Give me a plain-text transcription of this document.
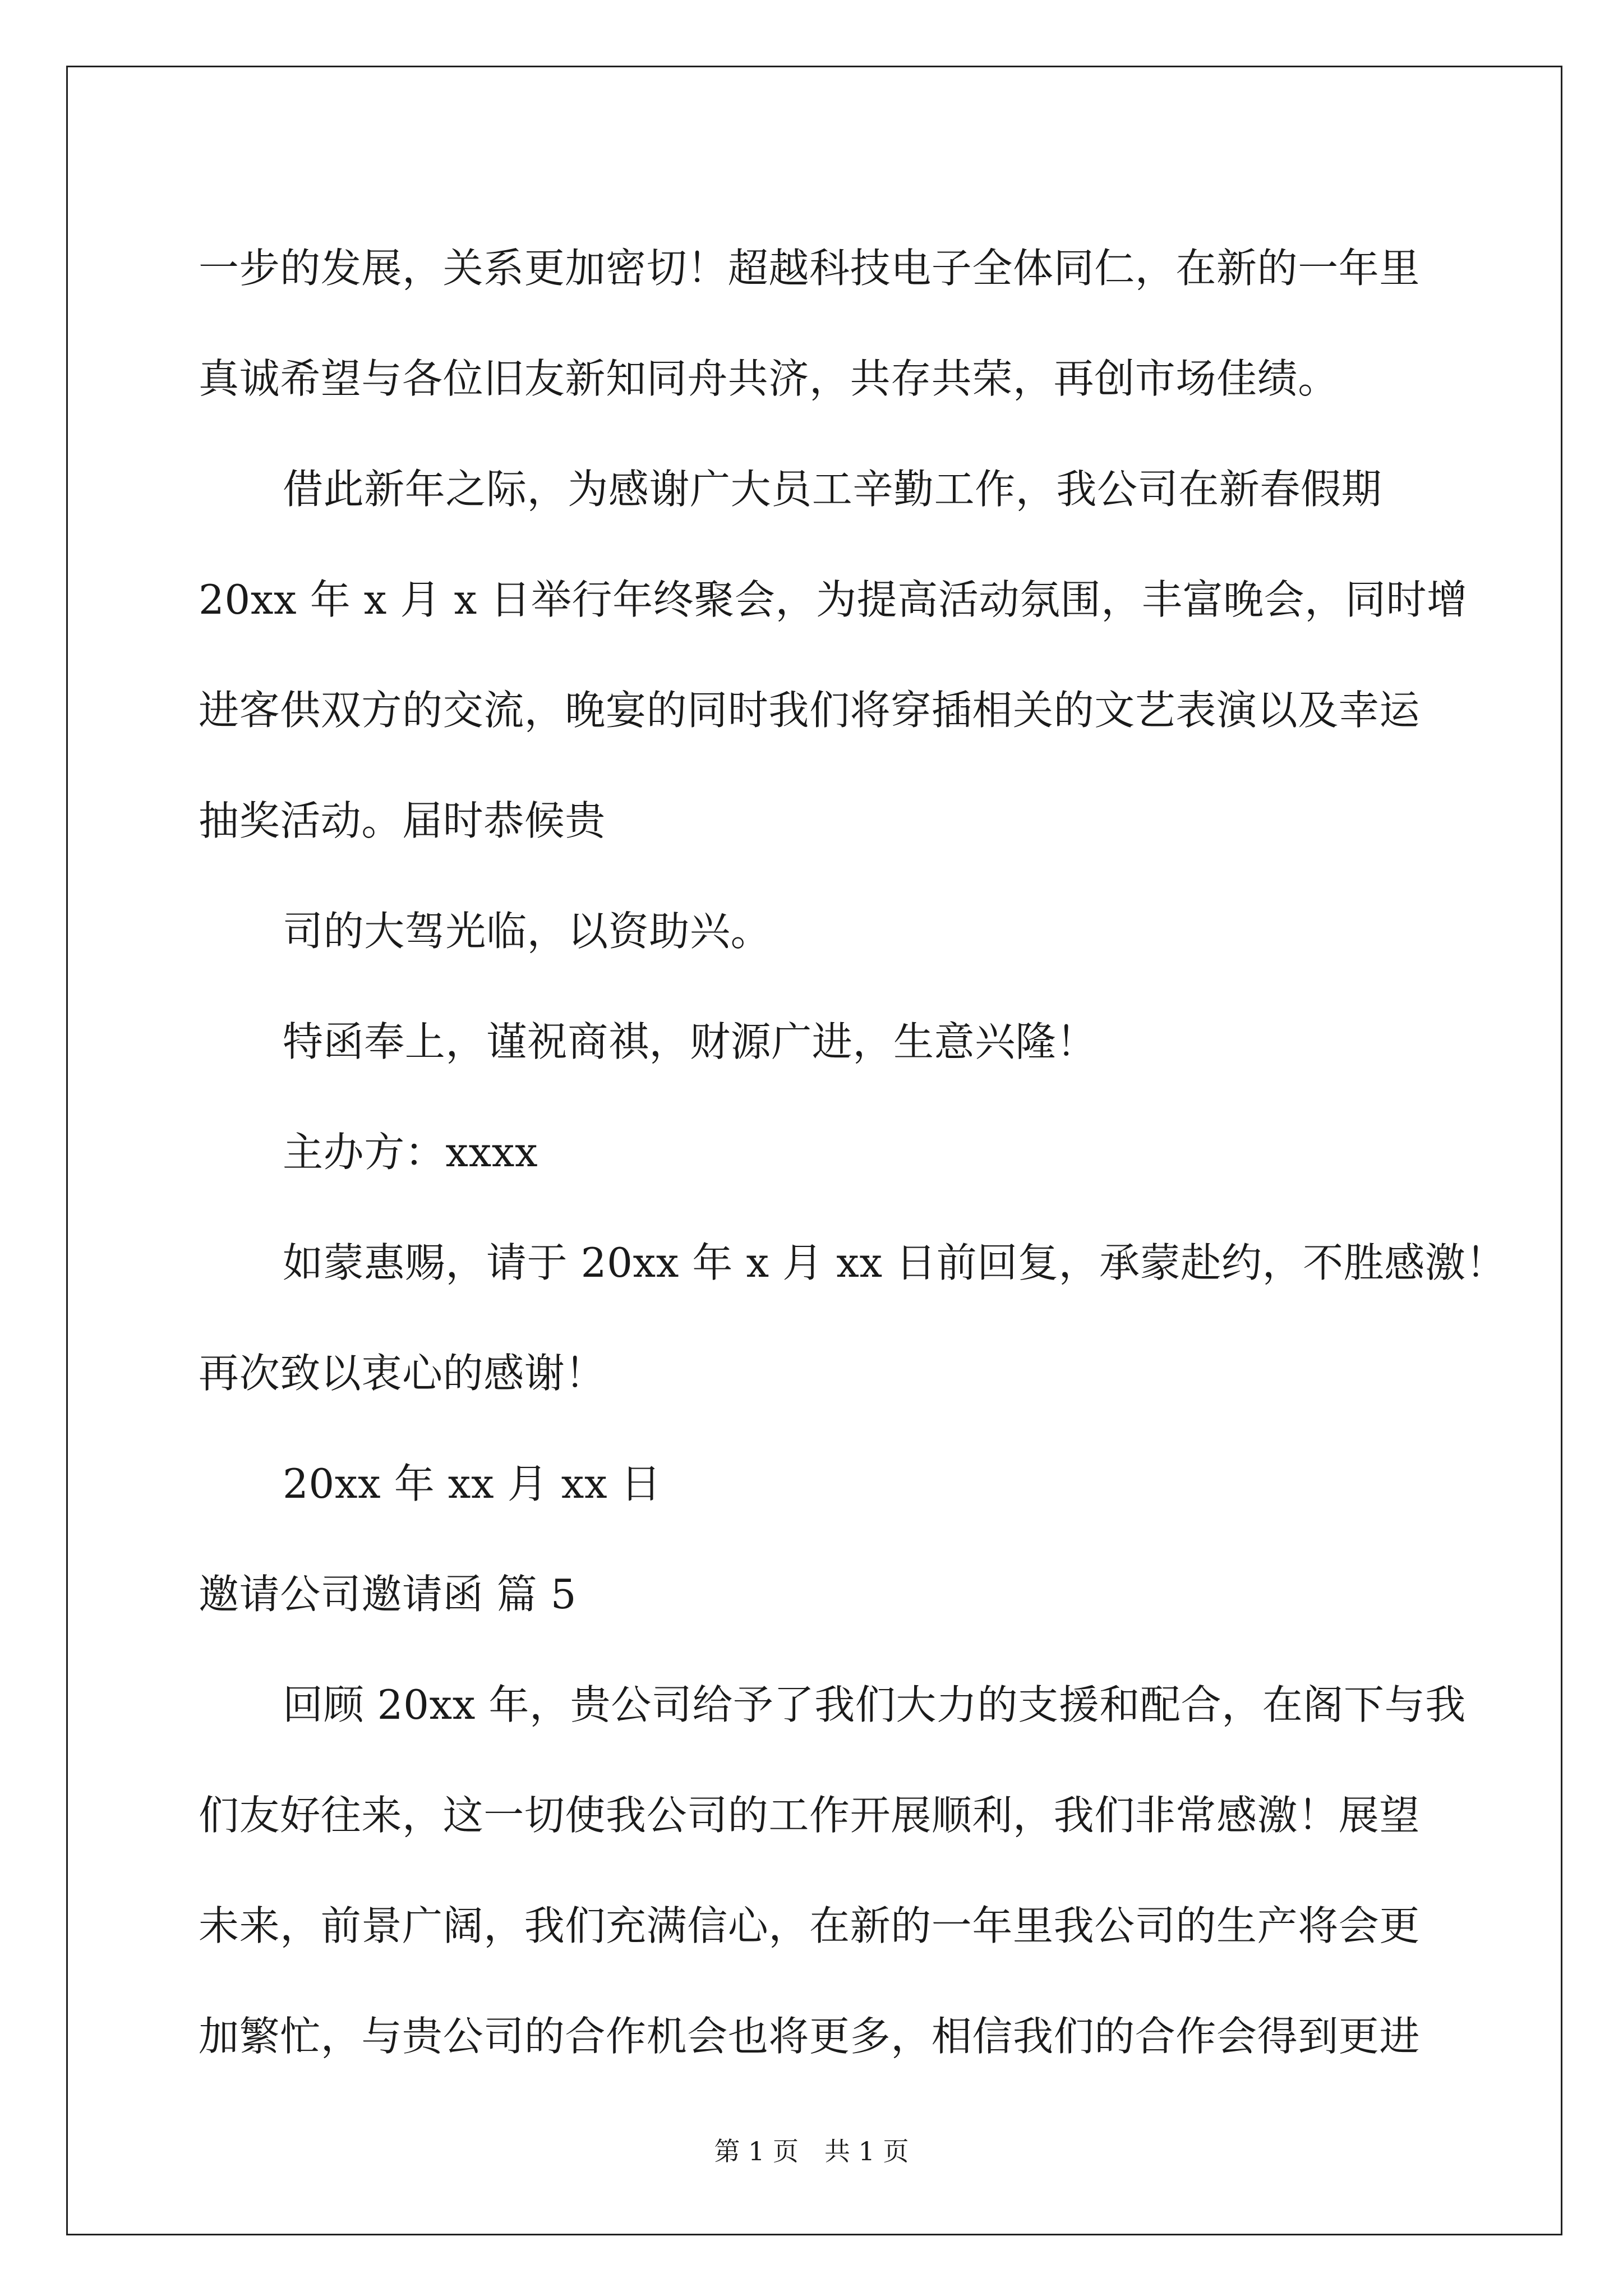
一步的发展，关系更加密切！超越科技电子全体同仁，在新的一年里
真诚希望与各位旧友新知同舟共济，共存共荣，再创市场佳绩。
借此新年之际，为感谢广大员工辛勤工作，我公司在新春假期
20xx 年 x 月 x 日举行年终聚会，为提高活动氛围，丰富晚会，同时增
进客供双方的交流，晚宴的同时我们将穿插相关的文艺表演以及幸运
抽奖活动。届时恭候贵
司的大驾光临，以资助兴。
特函奉上，谨祝商祺，财源广进，生意兴隆！
主办方：xxxx
如蒙惠赐，请于 20xx 年 x 月 xx 日前回复，承蒙赴约，不胜感激！
再次致以衷心的感谢！
20xx 年 xx 月 xx 日
邀请公司邀请函 篇 5
回顾 20xx 年，贵公司给予了我们大力的支援和配合，在阁下与我
们友好往来，这一切使我公司的工作开展顺利，我们非常感激！展望
未来，前景广阔，我们充满信心，在新的一年里我公司的生产将会更
加繁忙，与贵公司的合作机会也将更多，相信我们的合作会得到更进
第 1 页　共 1 页
